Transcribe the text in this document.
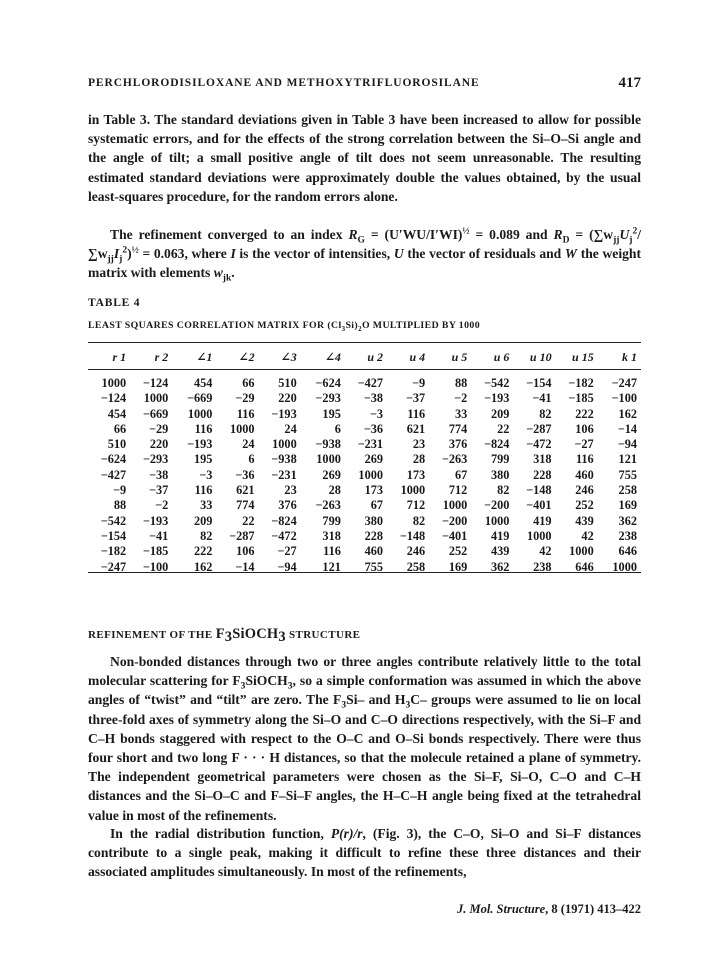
PERCHLORODISILOXANE AND METHOXYTRIFLUOROSILANE	417

in Table 3. The standard deviations given in Table 3 have been increased to allow for possible systematic errors, and for the effects of the strong correlation between the Si–O–Si angle and the angle of tilt; a small positive angle of tilt does not seem unreasonable. The resulting estimated standard deviations were approximately double the values obtained, by the usual least-squares procedure, for the random errors alone.

The refinement converged to an index $R_G = (U'WU/I'WI)^{\frac{1}{2}} = 0.089$ and $R_D = (\sum w_{jj}U_j^2/\sum w_{jj}I_j^2)^{\frac{1}{2}} = 0.063$, where I is the vector of intensities, U the vector of residuals and W the weight matrix with elements $w_{jk}$.

TABLE 4
LEAST SQUARES CORRELATION MATRIX FOR $(Cl_3Si)_2O$ MULTIPLIED BY 1000
r 1	r 2	∠1	∠2	∠3	∠4	u 2	u 4	u 5	u 6	u 10	u 15	k 1

1000	−124	454	66	510	−624	−427	−9	88	−542	−154	−182	−247
−124	1000	−669	−29	220	−293	−38	−37	−2	−193	−41	−185	−100
454	−669	1000	116	−193	195	−3	116	33	209	82	222	162
66	−29	116	1000	24	6	−36	621	774	22	−287	106	−14
510	220	−193	24	1000	−938	−231	23	376	−824	−472	−27	−94
−624	−293	195	6	−938	1000	269	28	−263	799	318	116	121
−427	−38	−3	−36	−231	269	1000	173	67	380	228	460	755
−9	−37	116	621	23	28	173	1000	712	82	−148	246	258
88	−2	33	774	376	−263	67	712	1000	−200	−401	252	169
−542	−193	209	22	−824	799	380	82	−200	1000	419	439	362
−154	−41	82	−287	−472	318	228	−148	−401	419	1000	42	238
−182	−185	222	106	−27	116	460	246	252	439	42	1000	646
−247	−100	162	−14	−94	121	755	258	169	362	238	646	1000
REFINEMENT OF THE $F_3SiOCH_3$ STRUCTURE

Non-bonded distances through two or three angles contribute relatively little to the total molecular scattering for $F_3SiOCH_3$, so a simple conformation was assumed in which the above angles of “twist” and “tilt” are zero. The $F_3Si-$ and $H_3C-$ groups were assumed to lie on local three-fold axes of symmetry along the Si–O and C–O directions respectively, with the Si–F and C–H bonds staggered with respect to the O–C and O–Si bonds respectively. There were thus four short and two long F · · · H distances, so that the molecule retained a plane of symmetry. The independent geometrical parameters were chosen as the Si–F, Si–O, C–O and C–H distances and the Si–O–C and F–Si–F angles, the H–C–H angle being fixed at the tetrahedral value in most of the refinements.

In the radial distribution function, P(r)/r, (Fig. 3), the C–O, Si–O and Si–F distances contribute to a single peak, making it difficult to refine these three distances and their associated amplitudes simultaneously. In most of the refinements,

J. Mol. Structure, 8 (1971) 413–422
